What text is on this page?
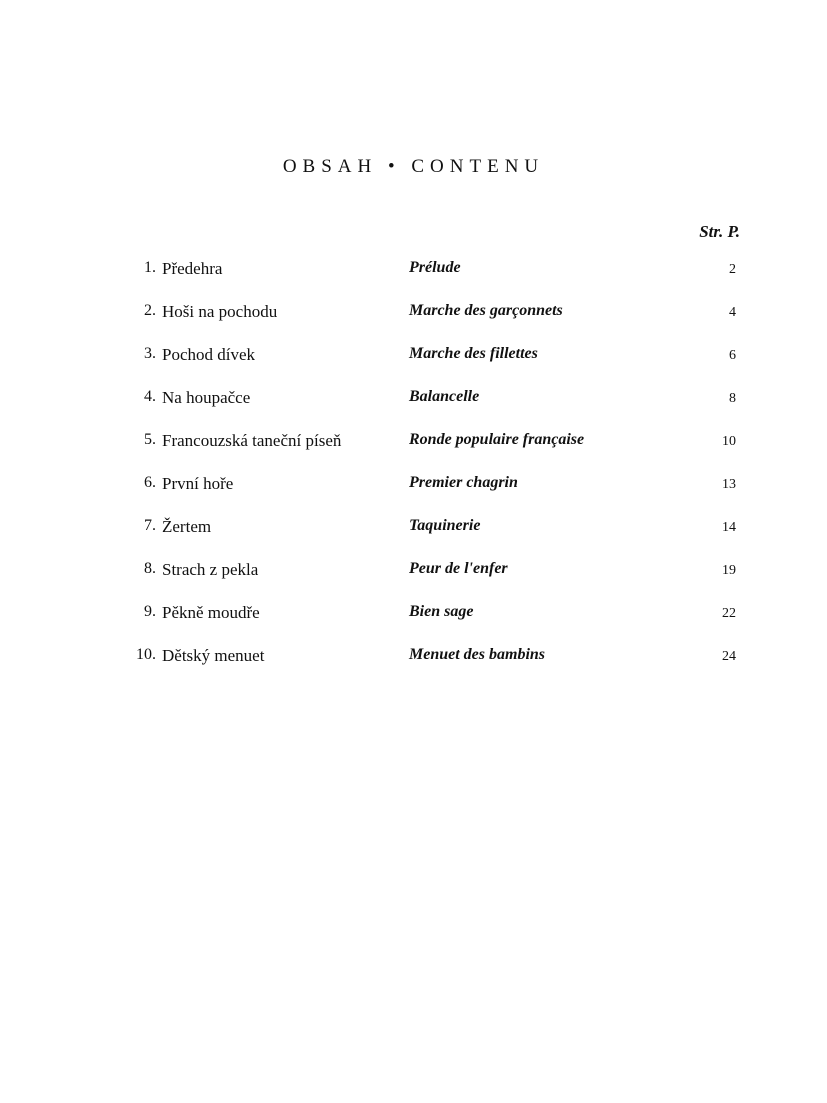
OBSAH • CONTENU
Str. P.
1. Předehra	Prélude	2
2. Hoši na pochodu	Marche des garçonnets	4
3. Pochod dívek	Marche des fillettes	6
4. Na houpačce	Balancelle	8
5. Francouzská taneční píseň	Ronde populaire française	10
6. První hoře	Premier chagrin	13
7. Žertem	Taquinerie	14
8. Strach z pekla	Peur de l'enfer	19
9. Pěkně moudře	Bien sage	22
10. Dětský menuet	Menuet des bambins	24
